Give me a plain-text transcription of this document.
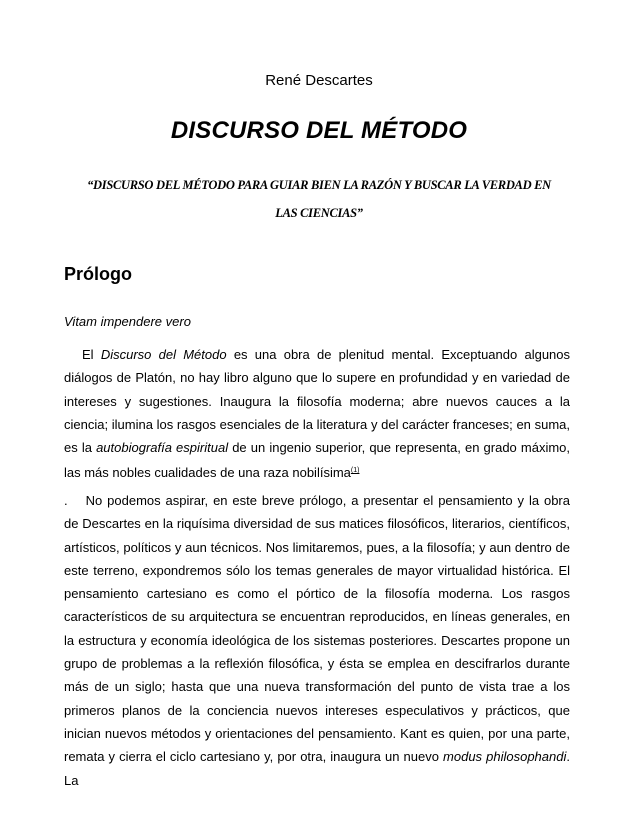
René Descartes
DISCURSO DEL MÉTODO
“DISCURSO DEL MÉTODO PARA GUIAR BIEN LA RAZÓN Y BUSCAR LA VERDAD EN
LAS CIENCIAS”
Prólogo
Vitam impendere vero

El Discurso del Método es una obra de plenitud mental. Exceptuando algunos diálogos de Platón, no hay libro alguno que lo supere en profundidad y en variedad de intereses y sugestiones. Inaugura la filosofía moderna; abre nuevos cauces a la ciencia; ilumina los rasgos esenciales de la literatura y del carácter franceses; en suma, es la autobiografía espiritual de un ingenio superior, que representa, en grado máximo, las más nobles cualidades de una raza nobilísima$^{(1)}$

. No podemos aspirar, en este breve prólogo, a presentar el pensamiento y la obra de Descartes en la riquísima diversidad de sus matices filosóficos, literarios, científicos, artísticos, políticos y aun técnicos. Nos limitaremos, pues, a la filosofía; y aun dentro de este terreno, expondremos sólo los temas generales de mayor virtualidad histórica. El pensamiento cartesiano es como el pórtico de la filosofía moderna. Los rasgos característicos de su arquitectura se encuentran reproducidos, en líneas generales, en la estructura y economía ideológica de los sistemas posteriores. Descartes propone un grupo de problemas a la reflexión filosófica, y ésta se emplea en descifrarlos durante más de un siglo; hasta que una nueva transformación del punto de vista trae a los primeros planos de la conciencia nuevos intereses especulativos y prácticos, que inician nuevos métodos y orientaciones del pensamiento. Kant es quien, por una parte, remata y cierra el ciclo cartesiano y, por otra, inaugura un nuevo modus philosophandi. La
